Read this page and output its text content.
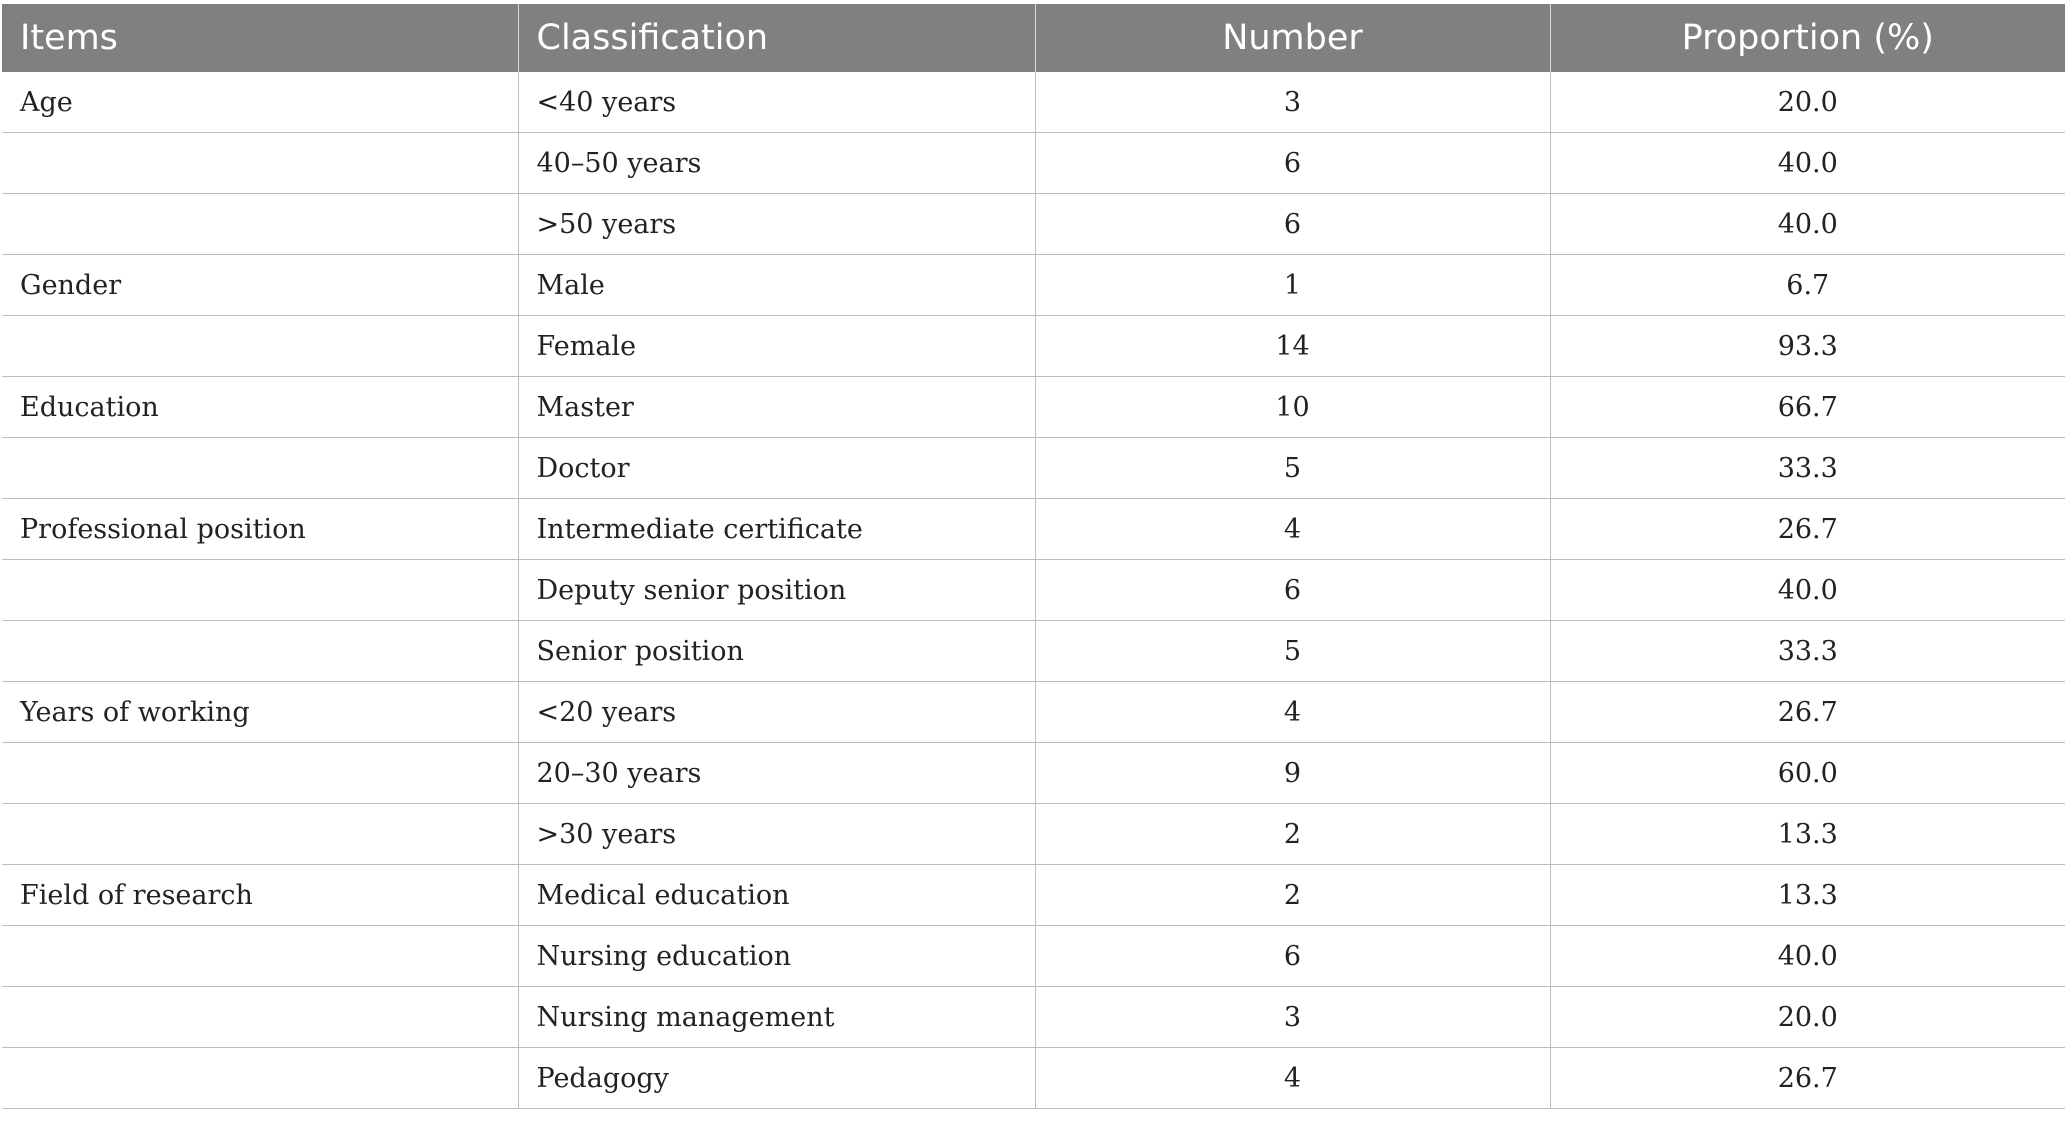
Items	Classification	Number	Proportion (%)
Age	<40 years	3	20.0
	40–50 years	6	40.0
	>50 years	6	40.0
Gender	Male	1	6.7
	Female	14	93.3
Education	Master	10	66.7
	Doctor	5	33.3
Professional position	Intermediate certificate	4	26.7
	Deputy senior position	6	40.0
	Senior position	5	33.3
Years of working	<20 years	4	26.7
	20–30 years	9	60.0
	>30 years	2	13.3
Field of research	Medical education	2	13.3
	Nursing education	6	40.0
	Nursing management	3	20.0
	Pedagogy	4	26.7
